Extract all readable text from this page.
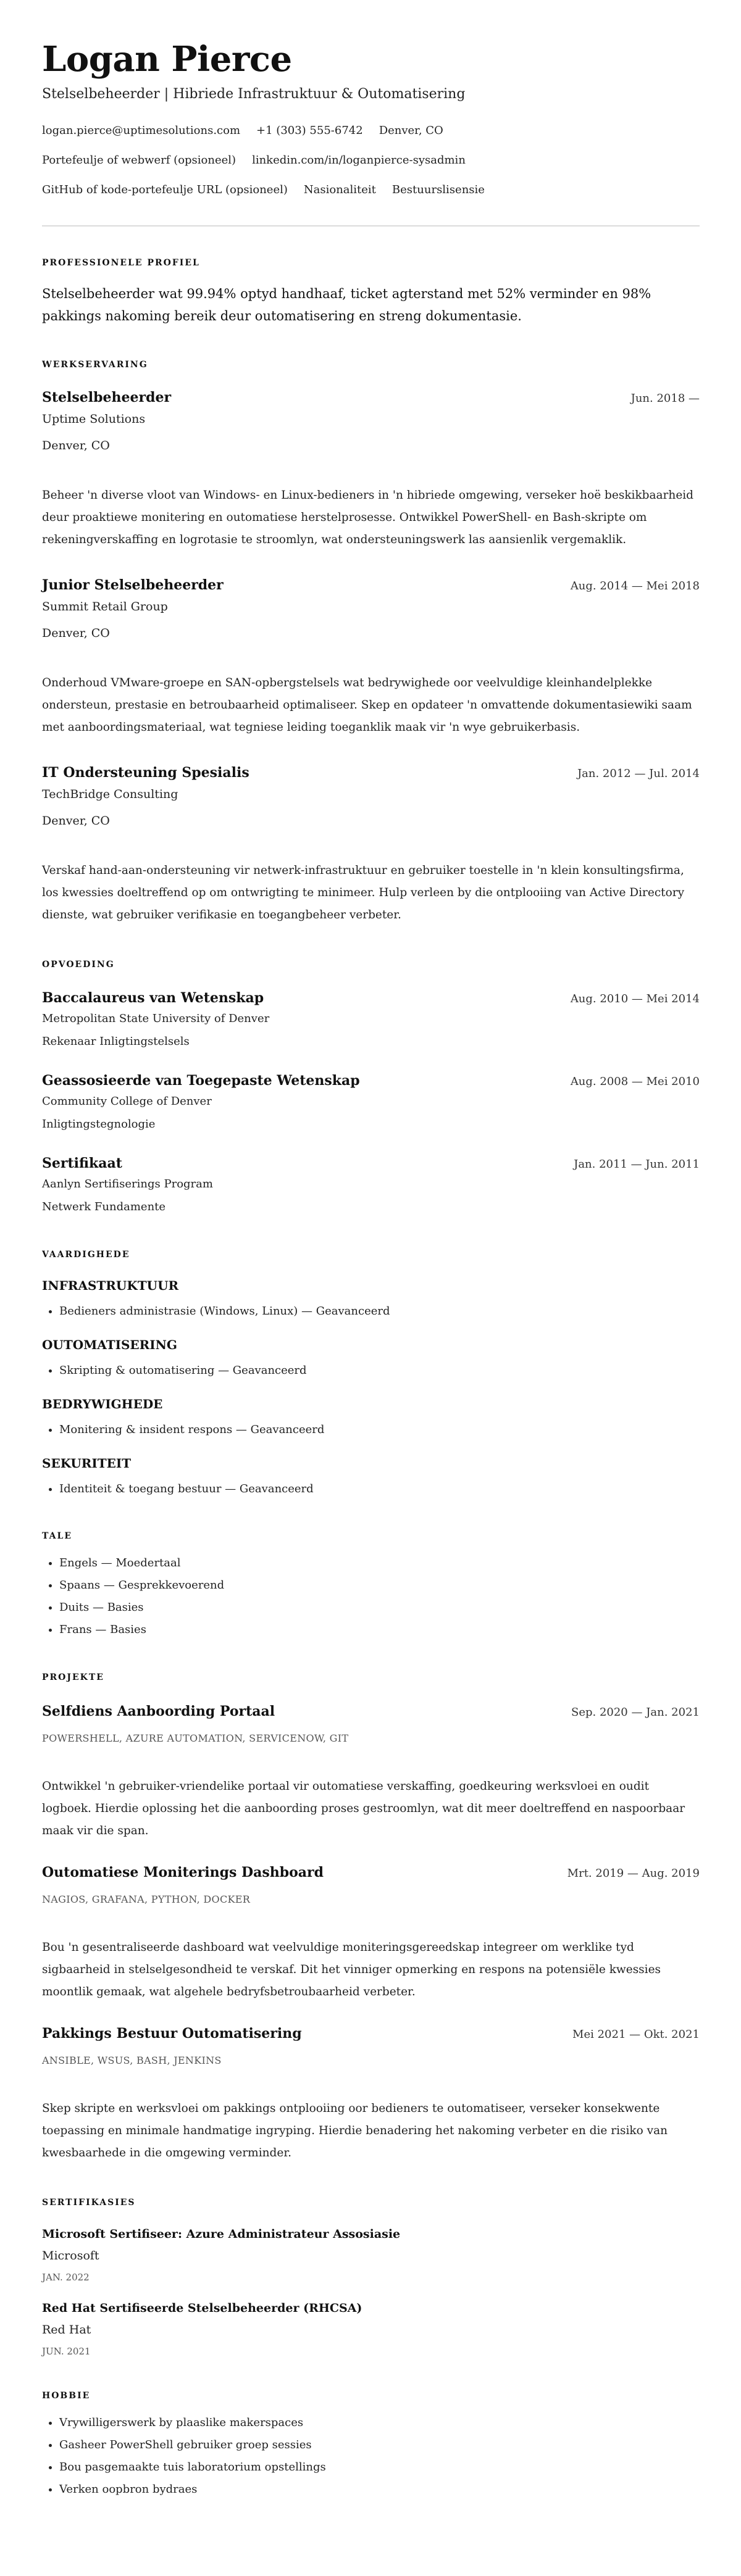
Logan Pierce
Stelselbeheerder | Hibriede Infrastruktuur & Outomatisering
logan.pierce@uptimesolutions.com +1 (303) 555-6742 Denver, CO
Portefeulje of webwerf (opsioneel) linkedin.com/in/loganpierce-sysadmin
GitHub of kode-portefeulje URL (opsioneel) Nasionaliteit Bestuurslisensie
PROFESSIONELE PROFIEL
Stelselbeheerder wat 99.94% optyd handhaaf, ticket agterstand met 52% verminder en 98% pakkings nakoming bereik deur outomatisering en streng dokumentasie.
WERKSERVARING
Stelselbeheerder	Jun. 2018 —
Uptime Solutions
Denver, CO
Beheer 'n diverse vloot van Windows- en Linux-bedieners in 'n hibriede omgewing, verseker hoë beskikbaarheid deur proaktiewe monitering en outomatiese herstelprosesse. Ontwikkel PowerShell- en Bash-skripte om rekeningverskaffing en logrotasie te stroomlyn, wat ondersteuningswerk las aansienlik vergemaklik.
Junior Stelselbeheerder	Aug. 2014 — Mei 2018
Summit Retail Group
Denver, CO
Onderhoud VMware-groepe en SAN-opbergstelsels wat bedrywighede oor veelvuldige kleinhandelplekke ondersteun, prestasie en betroubaarheid optimaliseer. Skep en opdateer 'n omvattende dokumentasiewiki saam met aanboordingsmateriaal, wat tegniese leiding toeganklik maak vir 'n wye gebruikerbasis.
IT Ondersteuning Spesialis	Jan. 2012 — Jul. 2014
TechBridge Consulting
Denver, CO
Verskaf hand-aan-ondersteuning vir netwerk-infrastruktuur en gebruiker toestelle in 'n klein konsultingsfirma, los kwessies doeltreffend op om ontwrigting te minimeer. Hulp verleen by die ontplooiing van Active Directory dienste, wat gebruiker verifikasie en toegangbeheer verbeter.
OPVOEDING
Baccalaureus van Wetenskap	Aug. 2010 — Mei 2014
Metropolitan State University of Denver
Rekenaar Inligtingstelsels
Geassosieerde van Toegepaste Wetenskap	Aug. 2008 — Mei 2010
Community College of Denver
Inligtingstegnologie
Sertifikaat	Jan. 2011 — Jun. 2011
Aanlyn Sertifiserings Program
Netwerk Fundamente
VAARDIGHEDE
INFRASTRUKTUUR
• Bedieners administrasie (Windows, Linux) — Geavanceerd
OUTOMATISERING
• Skripting & outomatisering — Geavanceerd
BEDRYWIGHEDE
• Monitering & insident respons — Geavanceerd
SEKURITEIT
• Identiteit & toegang bestuur — Geavanceerd
TALE
• Engels — Moedertaal
• Spaans — Gesprekkevoerend
• Duits — Basies
• Frans — Basies
PROJEKTE
Selfdiens Aanboording Portaal	Sep. 2020 — Jan. 2021
POWERSHELL, AZURE AUTOMATION, SERVICENOW, GIT
Ontwikkel 'n gebruiker-vriendelike portaal vir outomatiese verskaffing, goedkeuring werksvloei en oudit logboek. Hierdie oplossing het die aanboording proses gestroomlyn, wat dit meer doeltreffend en naspoorbaar maak vir die span.
Outomatiese Moniterings Dashboard	Mrt. 2019 — Aug. 2019
NAGIOS, GRAFANA, PYTHON, DOCKER
Bou 'n gesentraliseerde dashboard wat veelvuldige moniteringsgereedskap integreer om werklike tyd sigbaarheid in stelselgesondheid te verskaf. Dit het vinniger opmerking en respons na potensiële kwessies moontlik gemaak, wat algehele bedryfsbetroubaarheid verbeter.
Pakkings Bestuur Outomatisering	Mei 2021 — Okt. 2021
ANSIBLE, WSUS, BASH, JENKINS
Skep skripte en werksvloei om pakkings ontplooiing oor bedieners te outomatiseer, verseker konsekwente toepassing en minimale handmatige ingryping. Hierdie benadering het nakoming verbeter en die risiko van kwesbaarhede in die omgewing verminder.
SERTIFIKASIES
Microsoft Sertifiseer: Azure Administrateur Assosiasie
Microsoft
JAN. 2022
Red Hat Sertifiseerde Stelselbeheerder (RHCSA)
Red Hat
JUN. 2021
HOBBIE
• Vrywilligerswerk by plaaslike makerspaces
• Gasheer PowerShell gebruiker groep sessies
• Bou pasgemaakte tuis laboratorium opstellings
• Verken oopbron bydraes
